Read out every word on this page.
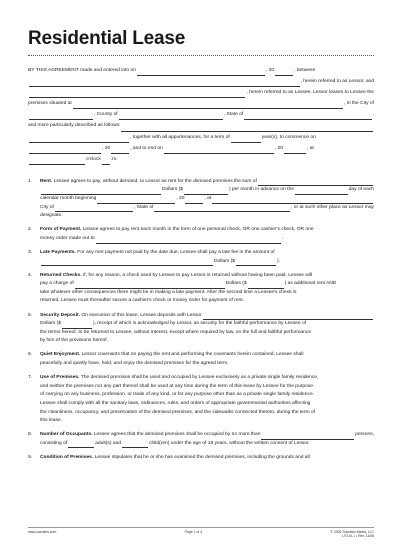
Residential Lease
BY THIS AGREEMENT made and entered into on	, 20	, between
, herein referred to as Lessor, and
, herein referred to as Lessee. Lessor leases to Lessee the
premises situated at	, in the City of
, County of	, State of	,
and more particularly described as follows:
, together with all appurtenances, for a term of	year(s), to commence on
, 20	, and to end on	, 20	, at
o'clock .m.
1.	Rent.
Lessee agrees to pay, without demand, to Lessor as rent for the demised premises the sum of
Dollars ($	) per month in advance on the	day of each
calendar month beginning	, 20	, at
City of	, State of	, or at such other place as Lessor may
designate.
2.	Form of Payment.
Lessee agrees to pay rent each month in the form of one personal check, OR one cashier's check, OR one
money order made out to	.
3.	Late Payments.
For any rent payment not paid by the date due, Lessee shall pay a late fee in the amount of
Dollars ($	).
4.	Returned Checks.
If, for any reason, a check used by Lessee to pay Lessor is returned without having been paid, Lessee will
pay a charge of	Dollars ($	) as additional rent AND
take whatever other consequences there might be in making a late payment. After the second time a Lessee's check is
returned, Lessee must thereafter secure a cashier's check or money order for payment of rent.
5.	Security Deposit.
On execution of this lease, Lessee deposits with Lessor
Dollars ($	), receipt of which is acknowledged by Lessor, as security for the faithful performance by Lessee of
the terms hereof, to be returned to Lessee, without interest, except where required by law, on the full and faithful performance
by him of the provisions hereof.
6.	Quiet Enjoyment.
Lessor covenants that on paying the rent and performing the covenants herein contained, Lessee shall
peacefully and quietly have, hold, and enjoy the demised premises for the agreed term.
7.	Use of Premises.
The demised premises shall be used and occupied by Lessee exclusively as a private single family residence,
and neither the premises nor any part thereof shall be used at any time during the term of this lease by Lessee for the purpose
of carrying on any business, profession, or trade of any kind, or for any purpose other than as a private single family residence.
Lessee shall comply with all the sanitary laws, ordinances, rules, and orders of appropriate governmental authorities affecting
the cleanliness, occupancy, and preservation of the demised premises, and the sidewalks connected thereto, during the term of
this lease.
8.	Number of Occupants.
Lessee agrees that the demised premises shall be occupied by no more than	persons,
consisting of	adult(s) and	child(ren) under the age of 18 years, without the written consent of Lessor.
9.	Condition of Premises.
Lessee stipulates that he or she has examined the demised premises, including the grounds and all
www.socrates.com	Page 1 of 4	© 2006 Socrates Media, LLC
LF210-1 • Rev. 11/06
